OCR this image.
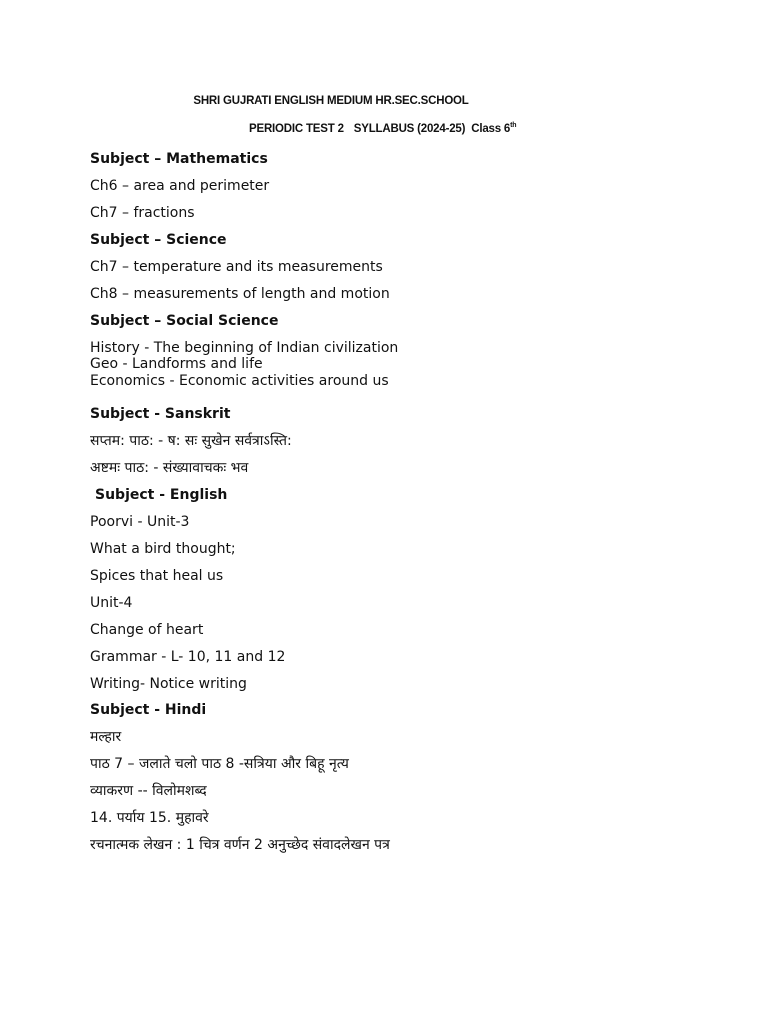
SHRI GUJRATI ENGLISH MEDIUM HR.SEC.SCHOOL
PERIODIC TEST 2 SYLLABUS (2024-25) Class 6th
Subject – Mathematics
Ch6 – area and perimeter
Ch7 – fractions
Subject – Science
Ch7 – temperature and its measurements
Ch8 – measurements of length and motion
Subject – Social Science
History - The beginning of Indian civilization
Geo - Landforms and life
Economics - Economic activities around us
Subject - Sanskrit
सप्तम: पाठ: - ष: सः सुखेन सर्वत्राऽस्ति:
अष्टमः पाठ: - संख्यावाचकः भव
Subject - English
Poorvi - Unit-3
What a bird thought;
Spices that heal us
Unit-4
Change of heart
Grammar - L- 10, 11 and 12
Writing- Notice writing
Subject - Hindi
मल्हार
पाठ 7 – जलाते चलो पाठ 8 -सत्रिया और बिहू नृत्य
व्याकरण -- विलोमशब्द
14. पर्याय 15. मुहावरे
रचनात्मक लेखन : 1 चित्र वर्णन 2 अनुच्छेद संवादलेखन पत्र
